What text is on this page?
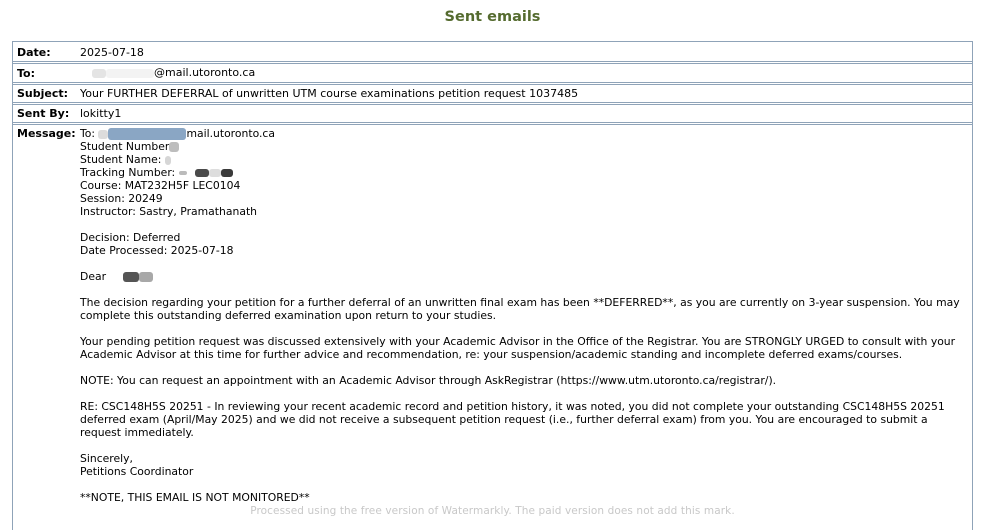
Sent emails
Date:	2025-07-18
To:	@mail.utoronto.ca
Subject: Your FURTHER DEFERRAL of unwritten UTM course examinations petition request 1037485
Sent By: lokitty1
Message: To:	mail.utoronto.ca
Student Number
Student Name:
Tracking Number:
Course: MAT232H5F LEC0104
Session: 20249
Instructor: Sastry, Pramathanath
Decision: Deferred
Date Processed: 2025-07-18
Dear
The decision regarding your petition for a further deferral of an unwritten final exam has been **DEFERRED**, as you are currently on 3-year suspension. You may complete this outstanding deferred examination upon return to your studies.
Your pending petition request was discussed extensively with your Academic Advisor in the Office of the Registrar. You are STRONGLY URGED to consult with your Academic Advisor at this time for further advice and recommendation, re: your suspension/academic standing and incomplete deferred exams/courses.
NOTE: You can request an appointment with an Academic Advisor through AskRegistrar (https://www.utm.utoronto.ca/registrar/).
RE: CSC148H5S 20251 - In reviewing your recent academic record and petition history, it was noted, you did not complete your outstanding CSC148H5S 20251 deferred exam (April/May 2025) and we did not receive a subsequent petition request (i.e., further deferral exam) from you. You are encouraged to submit a request immediately.
Sincerely,
Petitions Coordinator
**NOTE, THIS EMAIL IS NOT MONITORED**
Processed using the free version of Watermarkly. The paid version does not add this mark.
